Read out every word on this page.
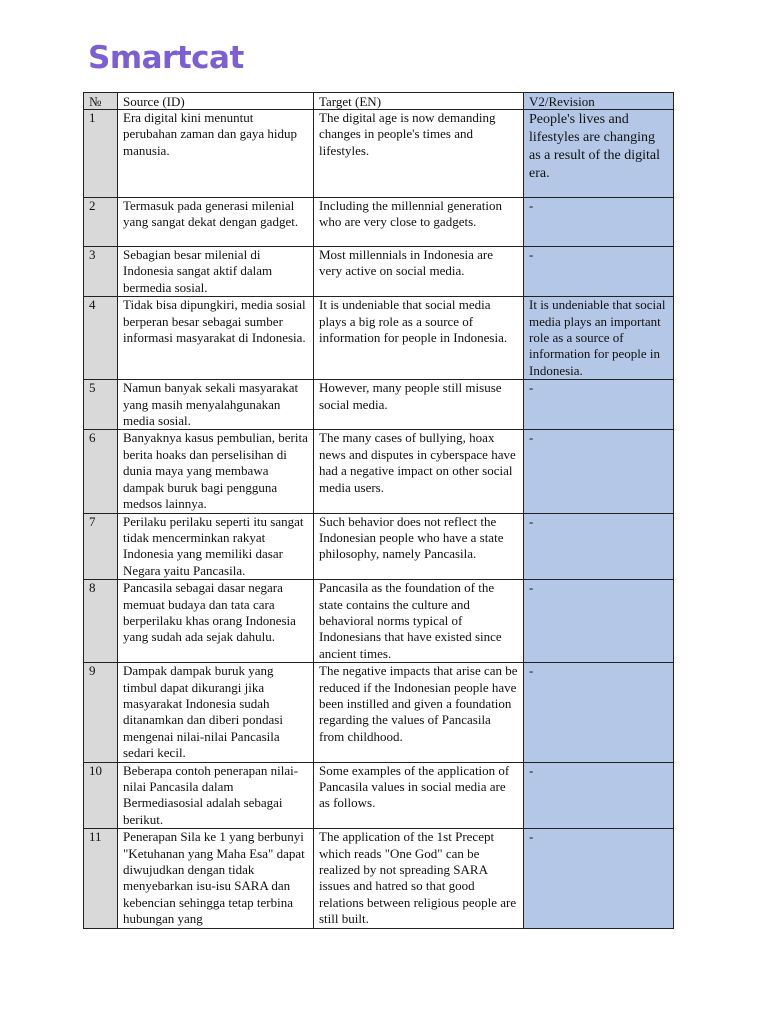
Smartcat
№	Source (ID)	Target (EN)	V2/Revision
1	Era digital kini menuntut perubahan zaman dan gaya hidup manusia.	The digital age is now demanding changes in people's times and lifestyles.	People's lives and lifestyles are changing as a result of the digital era.
2	Termasuk pada generasi milenial yang sangat dekat dengan gadget.	Including the millennial generation who are very close to gadgets.	-
3	Sebagian besar milenial di Indonesia sangat aktif dalam bermedia sosial.	Most millennials in Indonesia are very active on social media.	-
4	Tidak bisa dipungkiri, media sosial berperan besar sebagai sumber informasi masyarakat di Indonesia.	It is undeniable that social media plays a big role as a source of information for people in Indonesia.	It is undeniable that social media plays an important role as a source of information for people in Indonesia.
5	Namun banyak sekali masyarakat yang masih menyalahgunakan media sosial.	However, many people still misuse social media.	-
6	Banyaknya kasus pembulian, berita berita hoaks dan perselisihan di dunia maya yang membawa dampak buruk bagi pengguna medsos lainnya.	The many cases of bullying, hoax news and disputes in cyberspace have had a negative impact on other social media users.	-
7	Perilaku perilaku seperti itu sangat tidak mencerminkan rakyat Indonesia yang memiliki dasar Negara yaitu Pancasila.	Such behavior does not reflect the Indonesian people who have a state philosophy, namely Pancasila.	-
8	Pancasila sebagai dasar negara memuat budaya dan tata cara berperilaku khas orang Indonesia yang sudah ada sejak dahulu.	Pancasila as the foundation of the state contains the culture and behavioral norms typical of Indonesians that have existed since ancient times.	-
9	Dampak dampak buruk yang timbul dapat dikurangi jika masyarakat Indonesia sudah ditanamkan dan diberi pondasi mengenai nilai-nilai Pancasila sedari kecil.	The negative impacts that arise can be reduced if the Indonesian people have been instilled and given a foundation regarding the values of Pancasila from childhood.	-
10	Beberapa contoh penerapan nilai-nilai Pancasila dalam Bermediasosial adalah sebagai berikut.	Some examples of the application of Pancasila values in social media are as follows.	-
11	Penerapan Sila ke 1 yang berbunyi "Ketuhanan yang Maha Esa" dapat diwujudkan dengan tidak menyebarkan isu-isu SARA dan kebencian sehingga tetap terbina hubungan yang	The application of the 1st Precept which reads "One God" can be realized by not spreading SARA issues and hatred so that good relations between religious people are still built.	-
